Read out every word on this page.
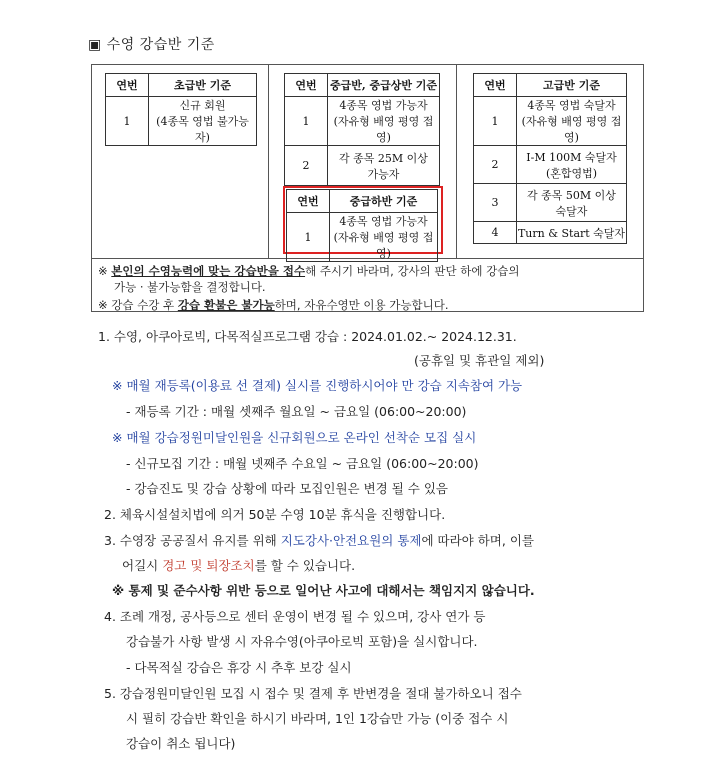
▣ 수영 강습반 기준
연번	초급반 기준
1	신규 회원
(4종목 영법 불가능자)
연번	중급반, 중급상반 기준
1	4종목 영법 가능자
(자유형 배영 평영 접영)

2	각 종목 25M 이상
가능자
연번	중급하반 기준
1	4종목 영법 가능자
(자유형 배영 평영 접영)
연번	고급반 기준
1	4종목 영법 숙달자
(자유형 배영 평영 접영)

2	I-M 100M 숙달자
(혼합영법)

3	각 종목 50M 이상
숙달자

4	Turn & Start 숙달자
※ 본인의 수영능력에 맞는 강습반을 접수해 주시기 바라며, 강사의 판단 하에 강습의
가능 · 불가능함을 결정합니다.
※ 강습 수강 후 강습 환불은 불가능하며, 자유수영만 이용 가능합니다.
1. 수영, 아쿠아로빅, 다목적실프로그램 강습 : 2024.01.02.~ 2024.12.31.
(공휴일 및 휴관일 제외)
※ 매월 재등록(이용료 선 결제) 실시를 진행하시어야 만 강습 지속참여 가능
- 재등록 기간 : 매월 셋째주 월요일 ~ 금요일 (06:00~20:00)
※ 매월 강습정원미달인원을 신규회원으로 온라인 선착순 모집 실시
- 신규모집 기간 : 매월 넷째주 수요일 ~ 금요일 (06:00~20:00)
- 강습진도 및 강습 상황에 따라 모집인원은 변경 될 수 있음
2. 체육시설설치법에 의거 50분 수영 10분 휴식을 진행합니다.
3. 수영장 공공질서 유지를 위해 지도강사·안전요원의 통제에 따라야 하며, 이를
어길시 경고 및 퇴장조치를 할 수 있습니다.
※ 통제 및 준수사항 위반 등으로 일어난 사고에 대해서는 책임지지 않습니다.
4. 조례 개정, 공사등으로 센터 운영이 변경 될 수 있으며, 강사 연가 등
강습불가 사항 발생 시 자유수영(아쿠아로빅 포함)을 실시합니다.
- 다목적실 강습은 휴강 시 추후 보강 실시
5. 강습정원미달인원 모집 시 접수 및 결제 후 반변경을 절대 불가하오니 접수
시 필히 강습반 확인을 하시기 바라며, 1인 1강습만 가능 (이중 접수 시
강습이 취소 됩니다)
